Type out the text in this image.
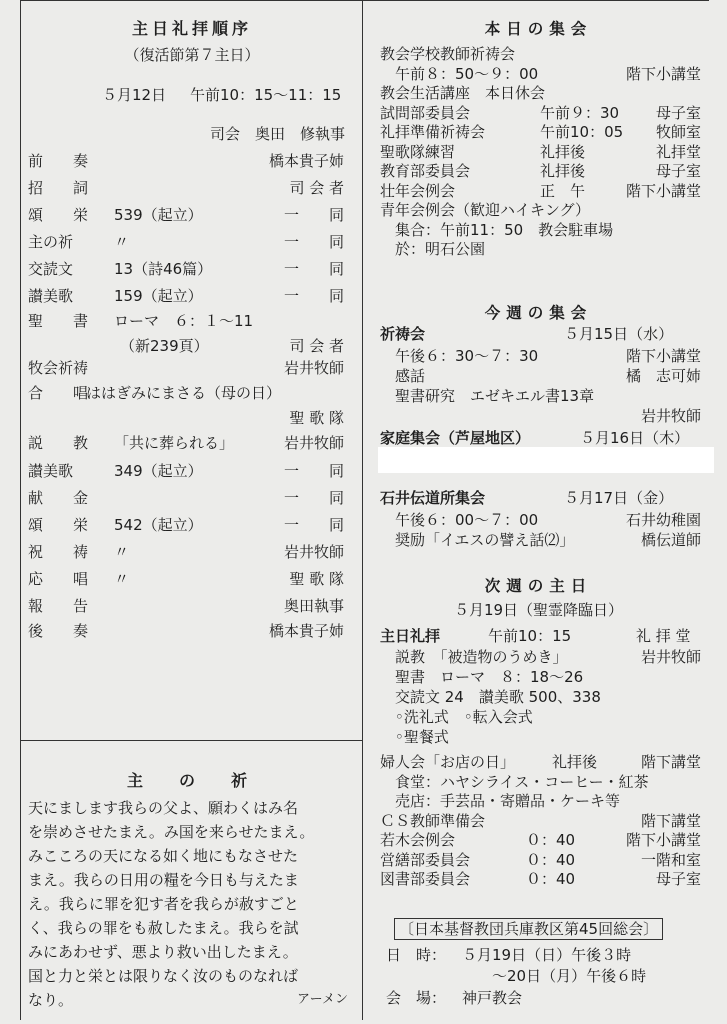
主日礼拝順序
（復活節第７主日）
５月12日 午前10：15～11：15
司会　奥田　修執事
前　　奏	橋本貴子姉
招　　詞	司 会 者
頌　　栄 539（起立）	一　　同
主の祈	〃	一　　同
交読文	13（詩46篇）	一　　同
讃美歌	159（起立）	一　　同
聖　　書 ローマ　６：１～11
（新239頁）	司 会 者
牧会祈祷	岩井牧師
合　　唱
ははぎみにまさる（母の日）
聖 歌 隊
説　　教 「共に葬られる」	岩井牧師
讃美歌	349（起立）	一　　同
献　　金	一　　同
頌　　栄 542（起立）	一　　同
祝　　祷 〃	岩井牧師
応　　唱 〃	聖 歌 隊
報　　告	奥田執事
後　　奏	橋本貴子姉
主　の　祈
天にまします我らの父よ、願わくはみ名
を崇めさせたまえ。み国を来らせたまえ。
みこころの天になる如く地にもなさせた
まえ。我らの日用の糧を今日も与えたま
え。我らに罪を犯す者を我らが赦すごと
く、我らの罪をも赦したまえ。我らを試
みにあわせず、悪より救い出したまえ。
国と力と栄とは限りなく汝のものなれば
なり。	アーメン
本日の集会
教会学校教師祈祷会
　午前８：50～９：00	階下小講堂
教会生活講座　本日休会
試問部委員会	午前９：30	母子室
礼拝準備祈祷会	午前10：05	牧師室
聖歌隊練習	礼拝後	礼拝堂
教育部委員会	礼拝後	母子室
壮年会例会	正　午	階下小講堂
青年会例会（歓迎ハイキング）
　集合：午前11：50　教会駐車場
　於：明石公園
今週の集会
祈祷会	５月15日（水）
　午後６：30～７：30	階下小講堂
　感話	橘　志可姉
　聖書研究　エゼキエル書13章
岩井牧師
家庭集会（芦屋地区）	５月16日（木）
石井伝道所集会	５月17日（金）
　午後６：00～７：00	石井幼稚園
　奨励「イエスの譬え話⑵」	橋伝道師
次週の主日
５月19日（聖霊降臨日）
主日礼拝	午前10：15	礼 拝 堂
　説教　「被造物のうめき」	岩井牧師
　聖書　ローマ　８：18～26
　交読文 24　讃美歌 500、338
　◦洗礼式　◦転入会式
　◦聖餐式
婦人会「お店の日」 礼拝後	階下講堂
　食堂：ハヤシライス・コーヒー・紅茶
　売店：手芸品・寄贈品・ケーキ等
ＣＳ教師準備会	階下講堂
若木会例会	０：40	階下小講堂
営繕部委員会	０：40	一階和室
図書部委員会	０：40	母子室
〔日本基督教団兵庫教区第45回総会〕
日　時： ５月19日（日）午後３時
～20日（月）午後６時
会　場： 神戸教会
